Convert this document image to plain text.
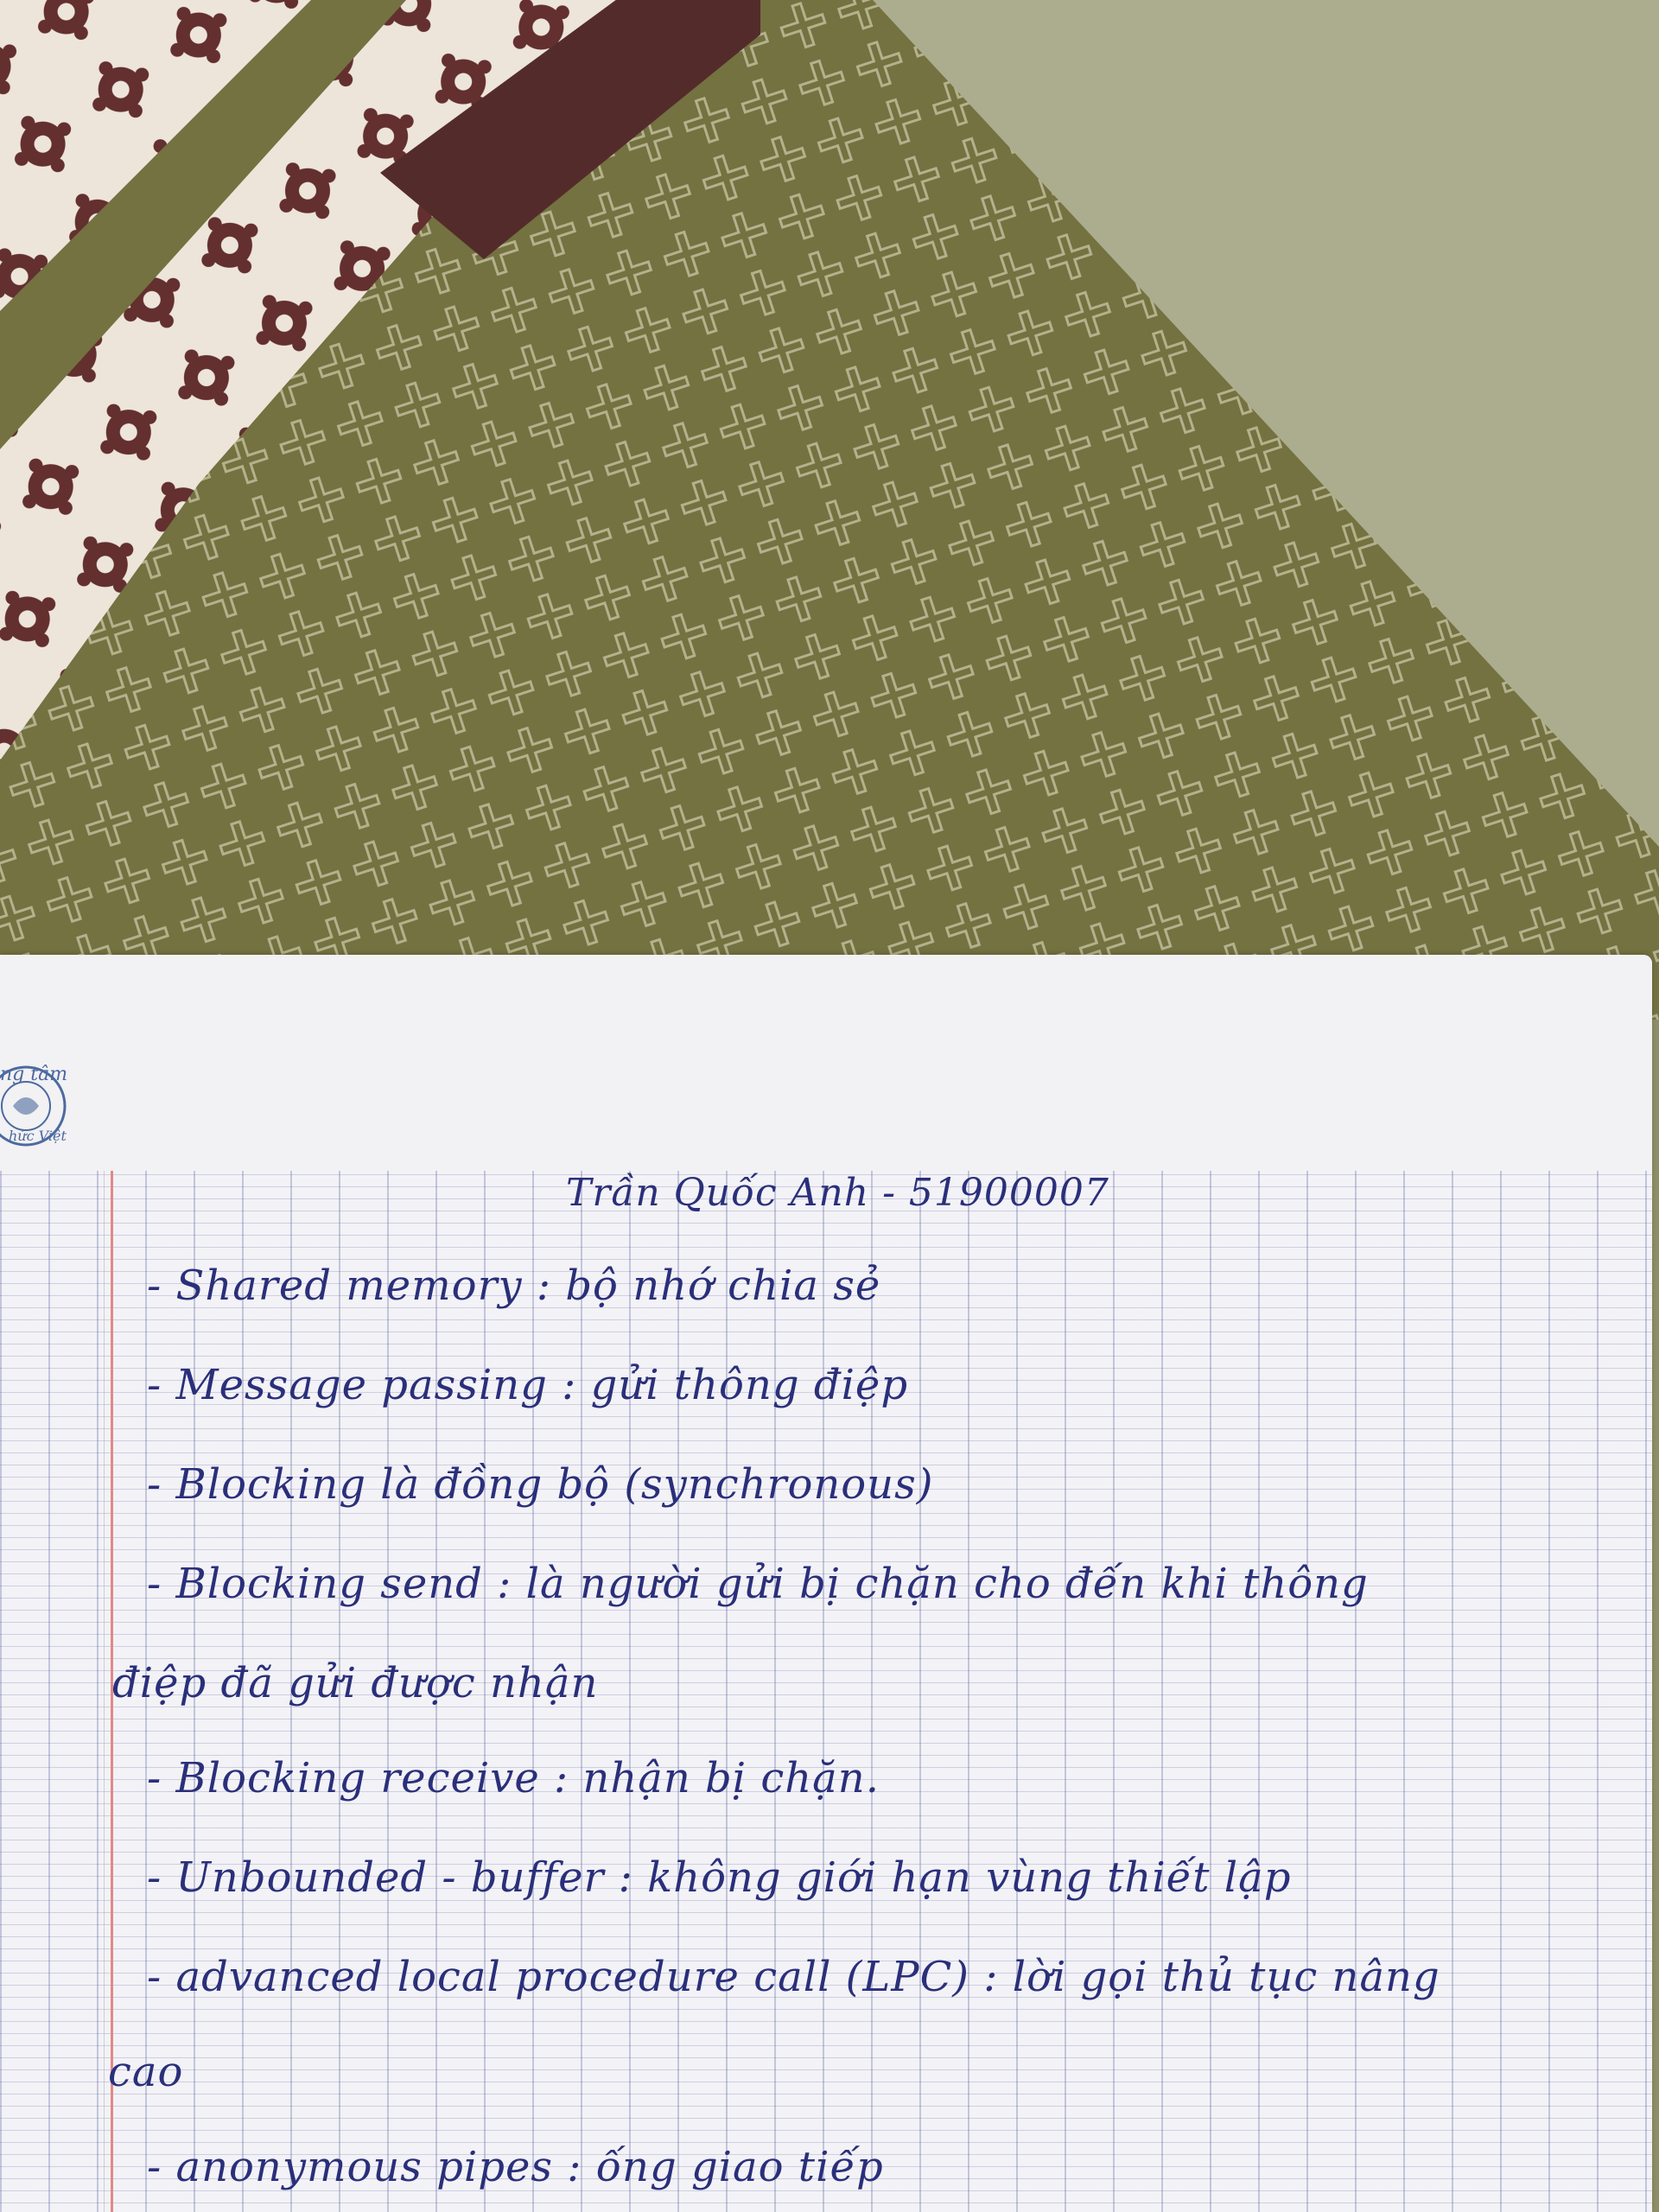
ng tâm
hức Việt
Trần Quốc Anh - 51900007
- Shared memory : bộ nhớ chia sẻ
- Message passing : gửi thông điệp
- Blocking là đồng bộ (synchronous)
- Blocking send : là người gửi bị chặn cho đến khi thông
điệp đã gửi được nhận
- Blocking receive : nhận bị chặn.
- Unbounded - buffer : không giới hạn vùng thiết lập
- advanced local procedure call (LPC) : lời gọi thủ tục nâng
cao
- anonymous pipes : ống giao tiếp
